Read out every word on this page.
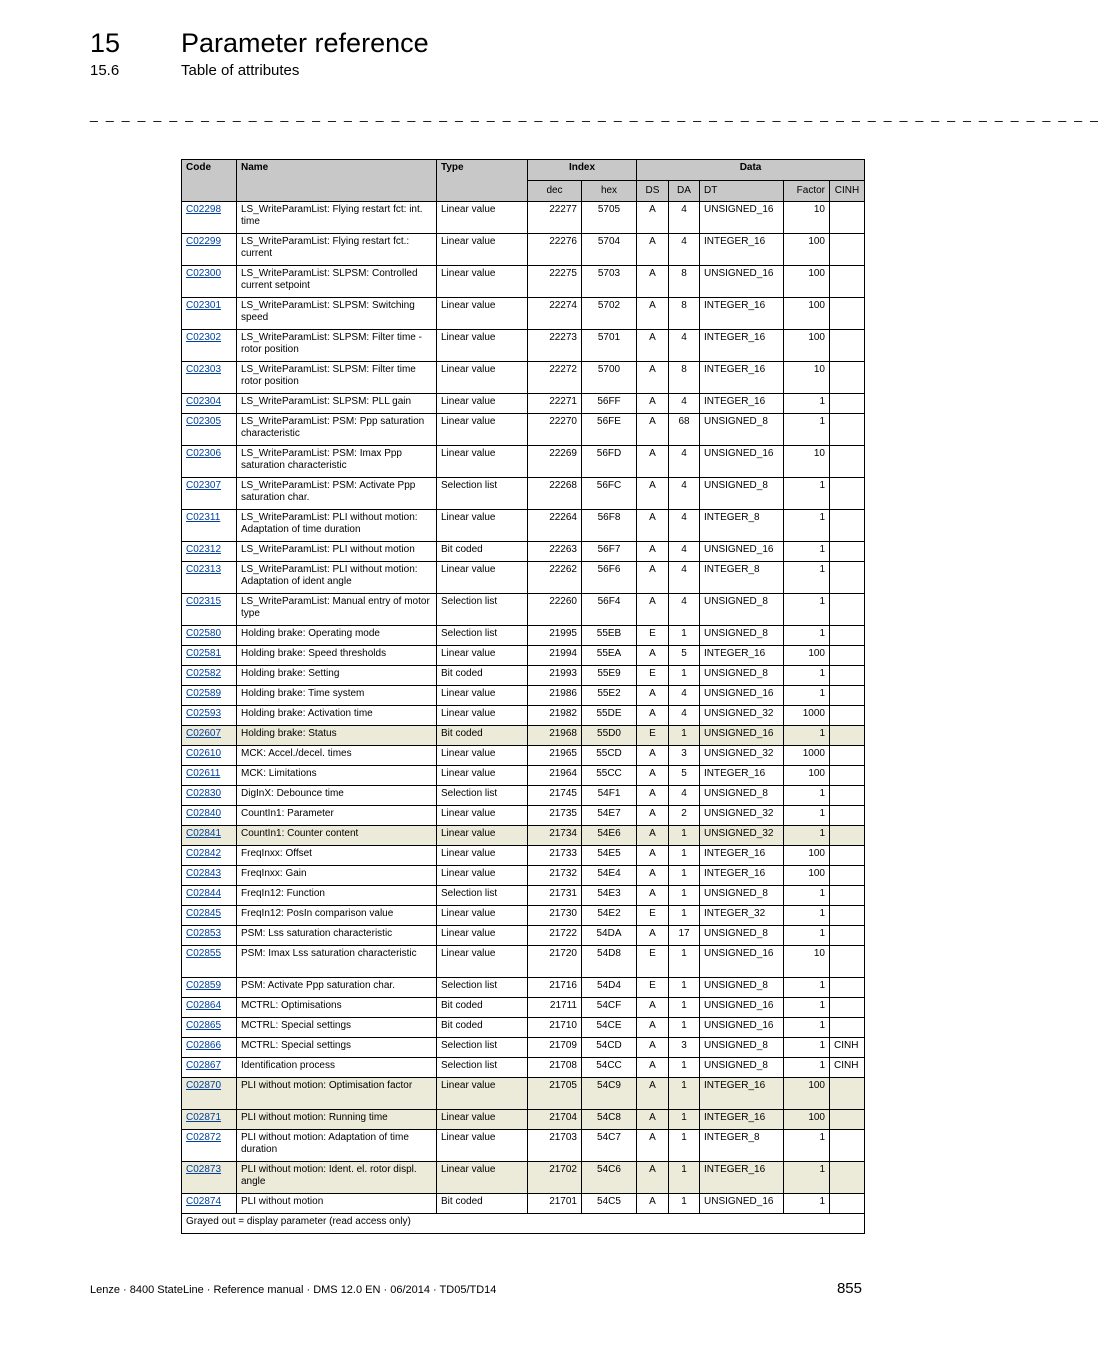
15 Parameter reference
15.6	Table of attributes
_ _ _ _ _ _ _ _ _ _ _ _ _ _ _ _ _ _ _ _ _ _ _ _ _ _ _ _ _ _ _ _ _ _ _ _ _ _ _ _ _ _ _ _ _ _ _ _ _ _ _ _ _ _ _ _ _ _ _ _ _ _ _ _
Code	Name	Type	Index		Data				
			dec	hex	DS	DA	DT	Factor	CINH
C02298	LS_WriteParamList: Flying restart fct: int. time	Linear value	22277	5705	A	4	UNSIGNED_16	10	
C02299	LS_WriteParamList: Flying restart fct.: current	Linear value	22276	5704	A	4	INTEGER_16	100	
C02300	LS_WriteParamList: SLPSM: Controlled current setpoint	Linear value	22275	5703	A	8	UNSIGNED_16	100	
C02301	LS_WriteParamList: SLPSM: Switching speed	Linear value	22274	5702	A	8	INTEGER_16	100	
C02302	LS_WriteParamList: SLPSM: Filter time - rotor position	Linear value	22273	5701	A	4	INTEGER_16	100	
C02303	LS_WriteParamList: SLPSM: Filter time rotor position	Linear value	22272	5700	A	8	INTEGER_16	10	
C02304	LS_WriteParamList: SLPSM: PLL gain	Linear value	22271	56FF	A	4	INTEGER_16	1	
C02305	LS_WriteParamList: PSM: Ppp saturation characteristic	Linear value	22270	56FE	A	68	UNSIGNED_8	1	
C02306	LS_WriteParamList: PSM: Imax Ppp saturation characteristic	Linear value	22269	56FD	A	4	UNSIGNED_16	10	
C02307	LS_WriteParamList: PSM: Activate Ppp saturation char.	Selection list	22268	56FC	A	4	UNSIGNED_8	1	
C02311	LS_WriteParamList: PLI without motion: Adaptation of time duration	Linear value	22264	56F8	A	4	INTEGER_8	1	
C02312	LS_WriteParamList: PLI without motion	Bit coded	22263	56F7	A	4	UNSIGNED_16	1	
C02313	LS_WriteParamList: PLI without motion: Adaptation of ident angle	Linear value	22262	56F6	A	4	INTEGER_8	1	
C02315	LS_WriteParamList: Manual entry of motor type	Selection list	22260	56F4	A	4	UNSIGNED_8	1	
C02580	Holding brake: Operating mode	Selection list	21995	55EB	E	1	UNSIGNED_8	1	
C02581	Holding brake: Speed thresholds	Linear value	21994	55EA	A	5	INTEGER_16	100	
C02582	Holding brake: Setting	Bit coded	21993	55E9	E	1	UNSIGNED_8	1	
C02589	Holding brake: Time system	Linear value	21986	55E2	A	4	UNSIGNED_16	1	
C02593	Holding brake: Activation time	Linear value	21982	55DE	A	4	UNSIGNED_32	1000	
C02607	Holding brake: Status	Bit coded	21968	55D0	E	1	UNSIGNED_16	1	
C02610	MCK: Accel./decel. times	Linear value	21965	55CD	A	3	UNSIGNED_32	1000	
C02611	MCK: Limitations	Linear value	21964	55CC	A	5	INTEGER_16	100	
C02830	DigInX: Debounce time	Selection list	21745	54F1	A	4	UNSIGNED_8	1	
C02840	CountIn1: Parameter	Linear value	21735	54E7	A	2	UNSIGNED_32	1	
C02841	CountIn1: Counter content	Linear value	21734	54E6	A	1	UNSIGNED_32	1	
C02842	FreqInxx: Offset	Linear value	21733	54E5	A	1	INTEGER_16	100	
C02843	FreqInxx: Gain	Linear value	21732	54E4	A	1	INTEGER_16	100	
C02844	FreqIn12: Function	Selection list	21731	54E3	A	1	UNSIGNED_8	1	
C02845	FreqIn12: PosIn comparison value	Linear value	21730	54E2	E	1	INTEGER_32	1	
C02853	PSM: Lss saturation characteristic	Linear value	21722	54DA	A	17	UNSIGNED_8	1	
C02855	PSM: Imax Lss saturation characteristic	Linear value	21720	54D8	E	1	UNSIGNED_16	10	
C02859	PSM: Activate Ppp saturation char.	Selection list	21716	54D4	E	1	UNSIGNED_8	1	
C02864	MCTRL: Optimisations	Bit coded	21711	54CF	A	1	UNSIGNED_16	1	
C02865	MCTRL: Special settings	Bit coded	21710	54CE	A	1	UNSIGNED_16	1	
C02866	MCTRL: Special settings	Selection list	21709	54CD	A	3	UNSIGNED_8	1	CINH
C02867	Identification process	Selection list	21708	54CC	A	1	UNSIGNED_8	1	CINH
C02870	PLI without motion: Optimisation factor	Linear value	21705	54C9	A	1	INTEGER_16	100	
C02871	PLI without motion: Running time	Linear value	21704	54C8	A	1	INTEGER_16	100	
C02872	PLI without motion: Adaptation of time duration	Linear value	21703	54C7	A	1	INTEGER_8	1	
C02873	PLI without motion: Ident. el. rotor displ. angle	Linear value	21702	54C6	A	1	INTEGER_16	1	
C02874	PLI without motion	Bit coded	21701	54C5	A	1	UNSIGNED_16	1	
Grayed out = display parameter (read access only)									
Lenze · 8400 StateLine · Reference manual · DMS 12.0 EN · 06/2014 · TD05/TD14	855
